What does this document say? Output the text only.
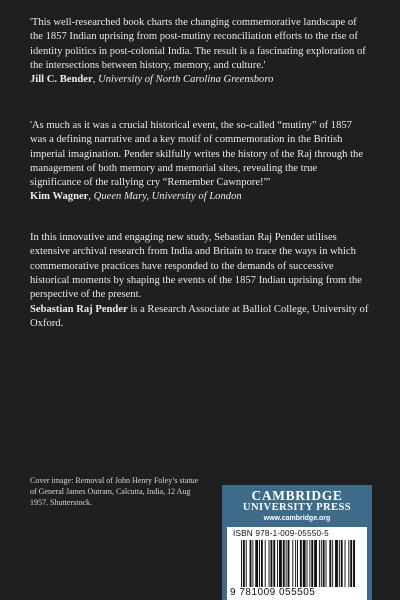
'This well-researched book charts the changing commemorative landscape of the 1857 Indian uprising from post-mutiny reconciliation efforts to the rise of identity politics in post-colonial India. The result is a fascinating exploration of the intersections between history, memory, and culture.'
Jill C. Bender, University of North Carolina Greensboro
'As much as it was a crucial historical event, the so-called “mutiny” of 1857 was a defining narrative and a key motif of commemoration in the British imperial imagination. Pender skilfully writes the history of the Raj through the management of both memory and memorial sites, revealing the true significance of the rallying cry “Remember Cawnpore!”'
Kim Wagner, Queen Mary, University of London
In this innovative and engaging new study, Sebastian Raj Pender utilises extensive archival research from India and Britain to trace the ways in which commemorative practices have responded to the demands of successive historical moments by shaping the events of the 1857 Indian uprising from the perspective of the present.
Sebastian Raj Pender is a Research Associate at Balliol College, University of Oxford.
Cover image: Removal of John Henry Foley’s statue of General James Outram, Calcutta, India, 12 Aug 1957. Shutterstock.	CAMBRIDGE
UNIVERSITY PRESS
www.cambridge.org
ISBN 978-1-009-05550-5
9 781009 055505
